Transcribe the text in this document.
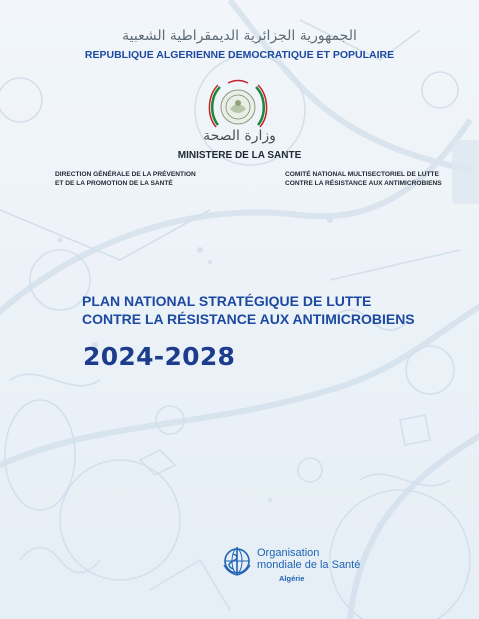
الجمهورية الجزائرية الديمقراطية الشعبية
REPUBLIQUE ALGERIENNE DEMOCRATIQUE ET POPULAIRE
وزارة الصحة
MINISTERE DE LA SANTE
DIRECTION GÉNÉRALE DE LA PRÉVENTION
ET DE LA PROMOTION DE LA SANTÉ
COMITÉ NATIONAL MULTISECTORIEL DE LUTTE
CONTRE LA RÉSISTANCE AUX ANTIMICROBIENS
PLAN NATIONAL STRATÉGIQUE DE LUTTE
CONTRE LA RÉSISTANCE AUX ANTIMICROBIENS
2024-2028
Organisation
mondiale de la Santé
Algérie
